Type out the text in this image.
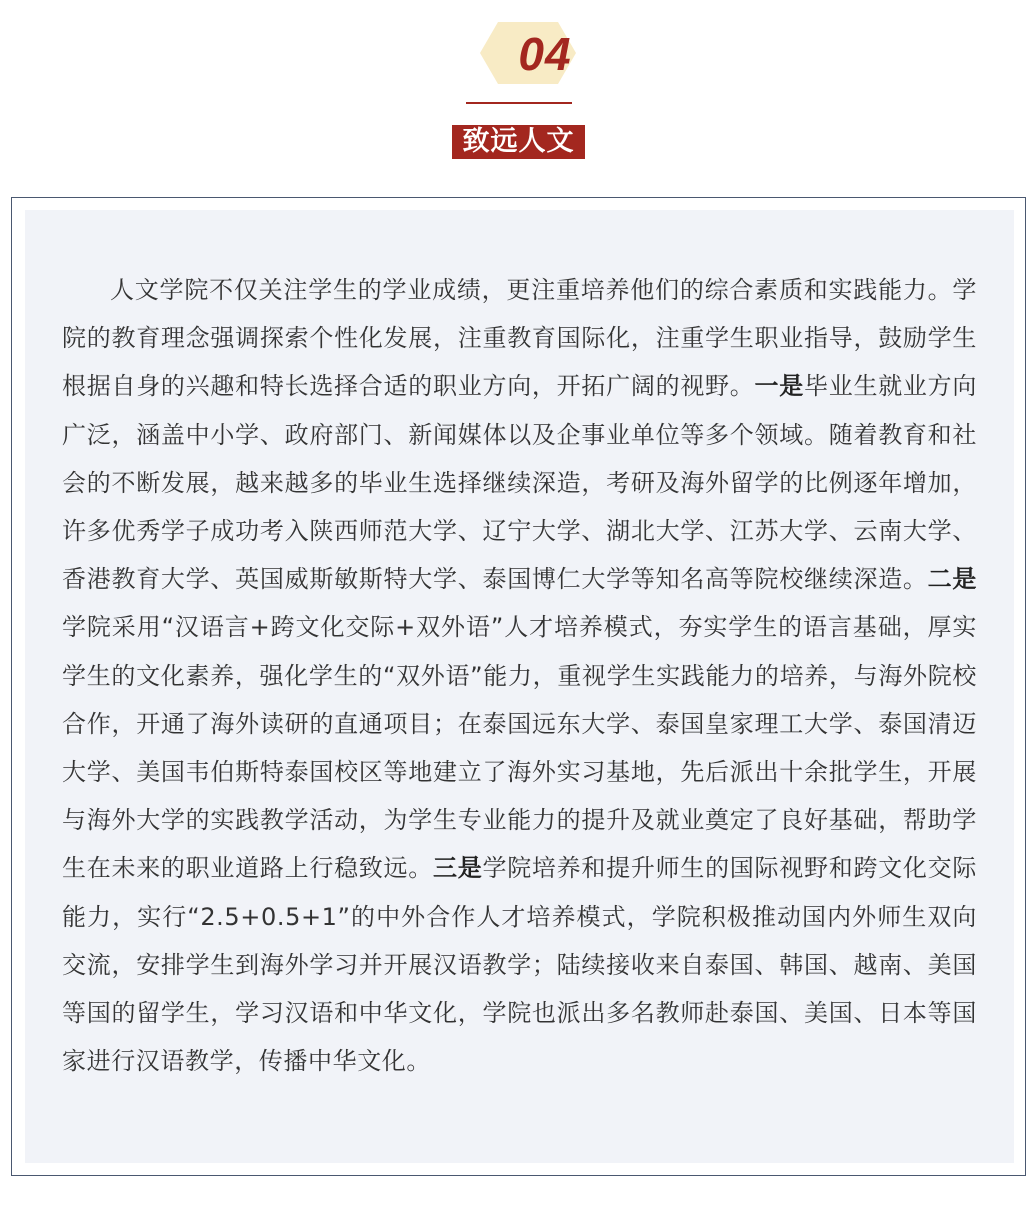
04
致远人文

人文学院不仅关注学生的学业成绩，更注重培养他们的综合素质和实践能力。学院的教育理念强调探索个性化发展，注重教育国际化，注重学生职业指导，鼓励学生根据自身的兴趣和特长选择合适的职业方向，开拓广阔的视野。一是毕业生就业方向广泛，涵盖中小学、政府部门、新闻媒体以及企事业单位等多个领域。随着教育和社会的不断发展，越来越多的毕业生选择继续深造，考研及海外留学的比例逐年增加，许多优秀学子成功考入陕西师范大学、辽宁大学、湖北大学、江苏大学、云南大学、香港教育大学、英国威斯敏斯特大学、泰国博仁大学等知名高等院校继续深造。二是学院采用“汉语言+跨文化交际+双外语”人才培养模式，夯实学生的语言基础，厚实学生的文化素养，强化学生的“双外语”能力，重视学生实践能力的培养，与海外院校合作，开通了海外读研的直通项目；在泰国远东大学、泰国皇家理工大学、泰国清迈大学、美国韦伯斯特泰国校区等地建立了海外实习基地，先后派出十余批学生，开展与海外大学的实践教学活动，为学生专业能力的提升及就业奠定了良好基础，帮助学生在未来的职业道路上行稳致远。三是学院培养和提升师生的国际视野和跨文化交际能力，实行“2.5+0.5+1”的中外合作人才培养模式，学院积极推动国内外师生双向交流，安排学生到海外学习并开展汉语教学；陆续接收来自泰国、韩国、越南、美国等国的留学生，学习汉语和中华文化，学院也派出多名教师赴泰国、美国、日本等国家进行汉语教学，传播中华文化。
